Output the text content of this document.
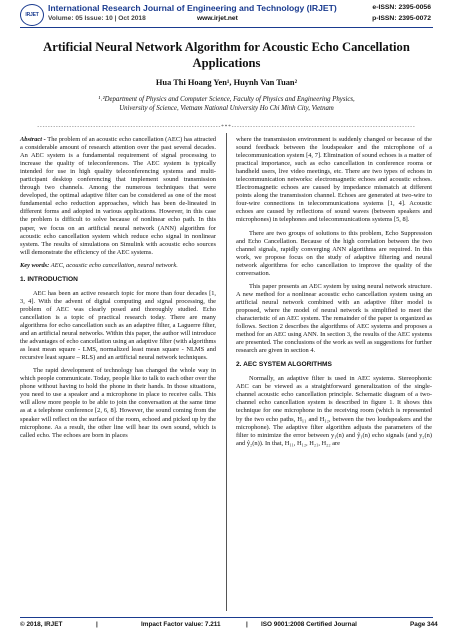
IRJET
International Research Journal of Engineering and Technology (IRJET)
Volume: 05 Issue: 10 | Oct 2018	www.irjet.net
e-ISSN: 2395-0056
p-ISSN: 2395-0072
Artificial Neural Network Algorithm for Acoustic Echo Cancellation Applications
Hua Thi Hoang Yen¹, Huynh Van Tuan²
¹˒²Department of Physics and Computer Science, Faculty of Physics and Engineering Physics,
University of Science, Vietnam National University Ho Chi Minh City, Vietnam
---------------------------------------------------------------------***---------------------------------------------------------------------

Abstract - The problem of an acoustic echo cancellation (AEC) has attracted a considerable amount of research attention over the past several decades. An AEC system is a fundamental requirement of signal processing to increase the quality of teleconferences. The AEC system is typically intended for use in high quality teleconferencing systems and multi-participant desktop conferencing that implement sound transmission through two channels. Among the numerous techniques that were developed, the optimal adaptive filter can be considered as one of the most fundamental echo reduction approaches, which has been de-lineated in different forms and adopted in various applications. However, in this case the problem is difficult to solve because of nonlinear echo path. In this paper, we focus on an artificial neural network (ANN) algorithm for acoustic echo cancellation system which reduce echo signal in nonlinear system. The results of simulations on Simulink with acoustic echo sources will demonstrate the efficiency of the AEC systems.

Key words: AEC, acoustic echo cancellation, neural network.

1. INTRODUCTION

AEC has been an active research topic for more than four decades [1, 3, 4]. With the advent of digital computing and signal processing, the problem of AEC was clearly posed and thoroughly studied. Echo cancellation is a topic of practical research today. There are many algorithms for echo cancellation such as an adaptive filter, a Laguerre filter, and an artificial neural networks. Within this paper, the author will introduce the advantages of echo cancellation using an adaptive filter (with algorithms as least mean square - LMS, normalized least mean square - NLMS and recursive least square – RLS) and an artificial neural network techniques.

The rapid development of technology has changed the whole way in which people communicate. Today, people like to talk to each other over the phone without having to hold the phone in their hands. In those situations, you need to use a speaker and a microphone in place to receive calls. This will allow more people to be able to join the conversation at the same time as at a telephone conference [2, 6, 8]. However, the sound coming from the speaker will reflect on the surface of the room, echoed and picked up by the microphone. As a result, the other line will hear its own sound, which is called echo. The echoes are born in places

where the transmission environment is suddenly changed or because of the sound feedback between the loudspeaker and the microphone of a telecommunication system [4, 7]. Elimination of sound echoes is a matter of practical importance, such as echo cancellation in conference rooms or handheld users, live video meetings, etc. There are two types of echoes in telecommunication networks: electromagnetic echoes and acoustic echoes. Electromagnetic echoes are caused by impedance mismatch at different points along the transmission channel. Echoes are generated at two-wire to four-wire connections in telecommunications systems [1, 4]. Acoustic echoes are caused by reflections of sound waves (between speakers and microphones) in telephones and telecommunications systems [5, 8].

There are two groups of solutions to this problem, Echo Suppression and Echo Cancellation. Because of the high correlation between the two channel signals, rapidly converging ANN algorithms are required. In this work, we propose focus on the study of adaptive filtering and neural network algorithms for echo cancellation to improve the quality of the conversation.

This paper presents an AEC system by using neural network structure. A new method for a nonlinear acoustic echo cancellation system using an artificial neural network combined with an adaptive filter model is proposed, where the model of neural network is simplified to meet the characteristic of an AEC system. The remainder of the paper is organized as follows. Section 2 describes the algorithms of AEC systems and proposes a method for an AEC using ANN. In section 3, the results of the AEC systems are presented. The conclusions of the work as well as suggestions for further research are given in section 4.

2. AEC SYSTEM ALGORITHMS

Normally, an adaptive filter is used in AEC systems. Stereophonic AEC can be viewed as a straightforward generalization of the single-channel acoustic echo cancellation principle. Schematic diagram of a two-channel echo cancellation system is described in figure 1. It shows this technique for one microphone in the receiving room (which is represented by the two echo paths, H₁₁ and H₁₂, between the two loudspeakers and the microphone). The adaptive filter algorithm adjusts the parameters of the filter to minimize the error between y₁(n) and ŷ₁(n) echo signals (and y₂(n) and ŷ₂(n)). In that, H₁₁, H₁₂, H₂₁, H₂₂ are

© 2018, IRJET	|	Impact Factor value: 7.211	| ISO 9001:2008 Certified Journal	Page 344
